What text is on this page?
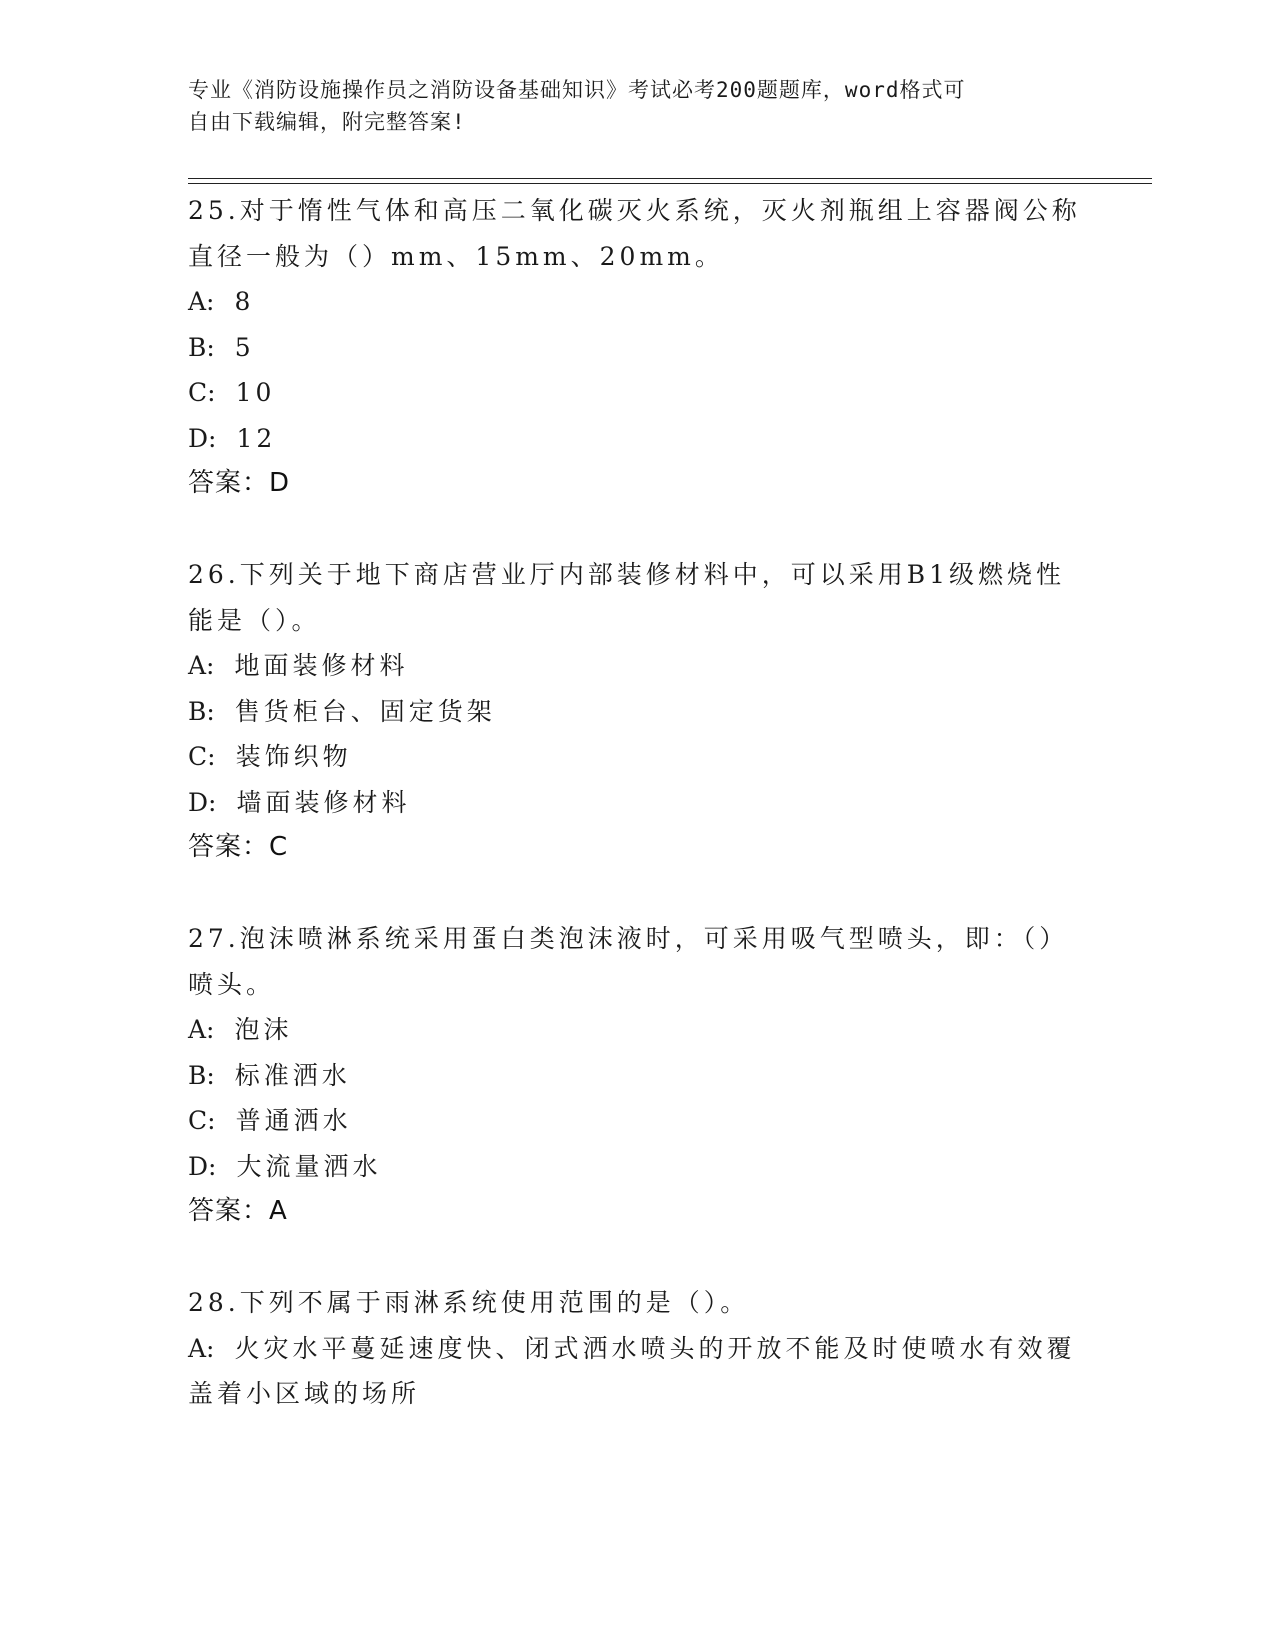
专业《消防设施操作员之消防设备基础知识》考试必考200题题库，word格式可
自由下载编辑，附完整答案!
25.对于惰性气体和高压二氧化碳灭火系统，灭火剂瓶组上容器阀公称
直径一般为（）mm、15mm、20mm。
A: 8
B: 5
C: 10
D: 12
答案：D
26.下列关于地下商店营业厅内部装修材料中，可以采用B1级燃烧性
能是（）。
A: 地面装修材料
B: 售货柜台、固定货架
C: 装饰织物
D: 墙面装修材料
答案：C
27.泡沫喷淋系统采用蛋白类泡沫液时，可采用吸气型喷头，即：（）
喷头。
A: 泡沫
B: 标准洒水
C: 普通洒水
D: 大流量洒水
答案：A
28.下列不属于雨淋系统使用范围的是（）。
A: 火灾水平蔓延速度快、闭式洒水喷头的开放不能及时使喷水有效覆
盖着小区域的场所
